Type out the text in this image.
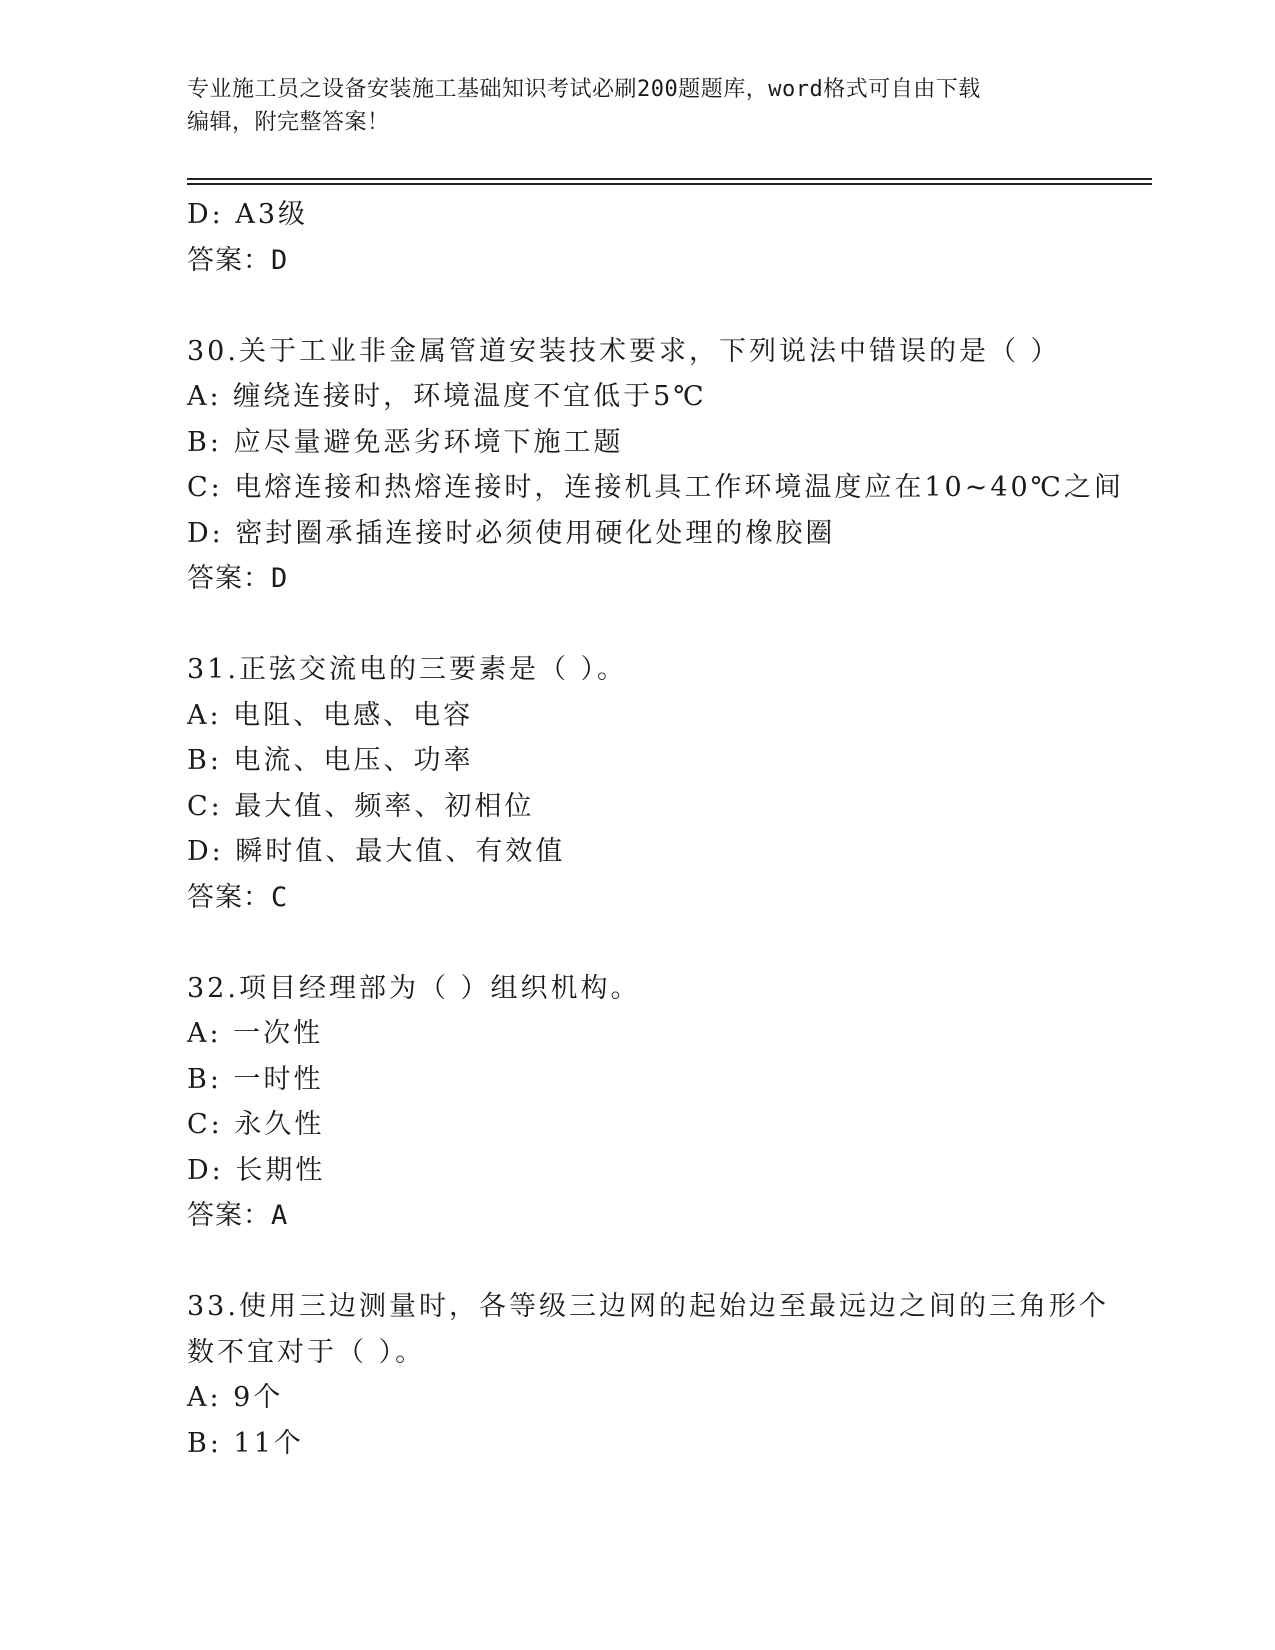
专业施工员之设备安装施工基础知识考试必刷200题题库，word格式可自由下载
编辑，附完整答案！
D: A3级
答案：D
30.关于工业非金属管道安装技术要求，下列说法中错误的是（ ）
A: 缠绕连接时，环境温度不宜低于5℃
B: 应尽量避免恶劣环境下施工题
C: 电熔连接和热熔连接时，连接机具工作环境温度应在10~40℃之间
D: 密封圈承插连接时必须使用硬化处理的橡胶圈
答案：D
31.正弦交流电的三要素是（ ）。
A: 电阻、电感、电容
B: 电流、电压、功率
C: 最大值、频率、初相位
D: 瞬时值、最大值、有效值
答案：C
32.项目经理部为（ ）组织机构。
A: 一次性
B: 一时性
C: 永久性
D: 长期性
答案：A
33.使用三边测量时，各等级三边网的起始边至最远边之间的三角形个
数不宜对于（ ）。
A: 9个
B: 11个
